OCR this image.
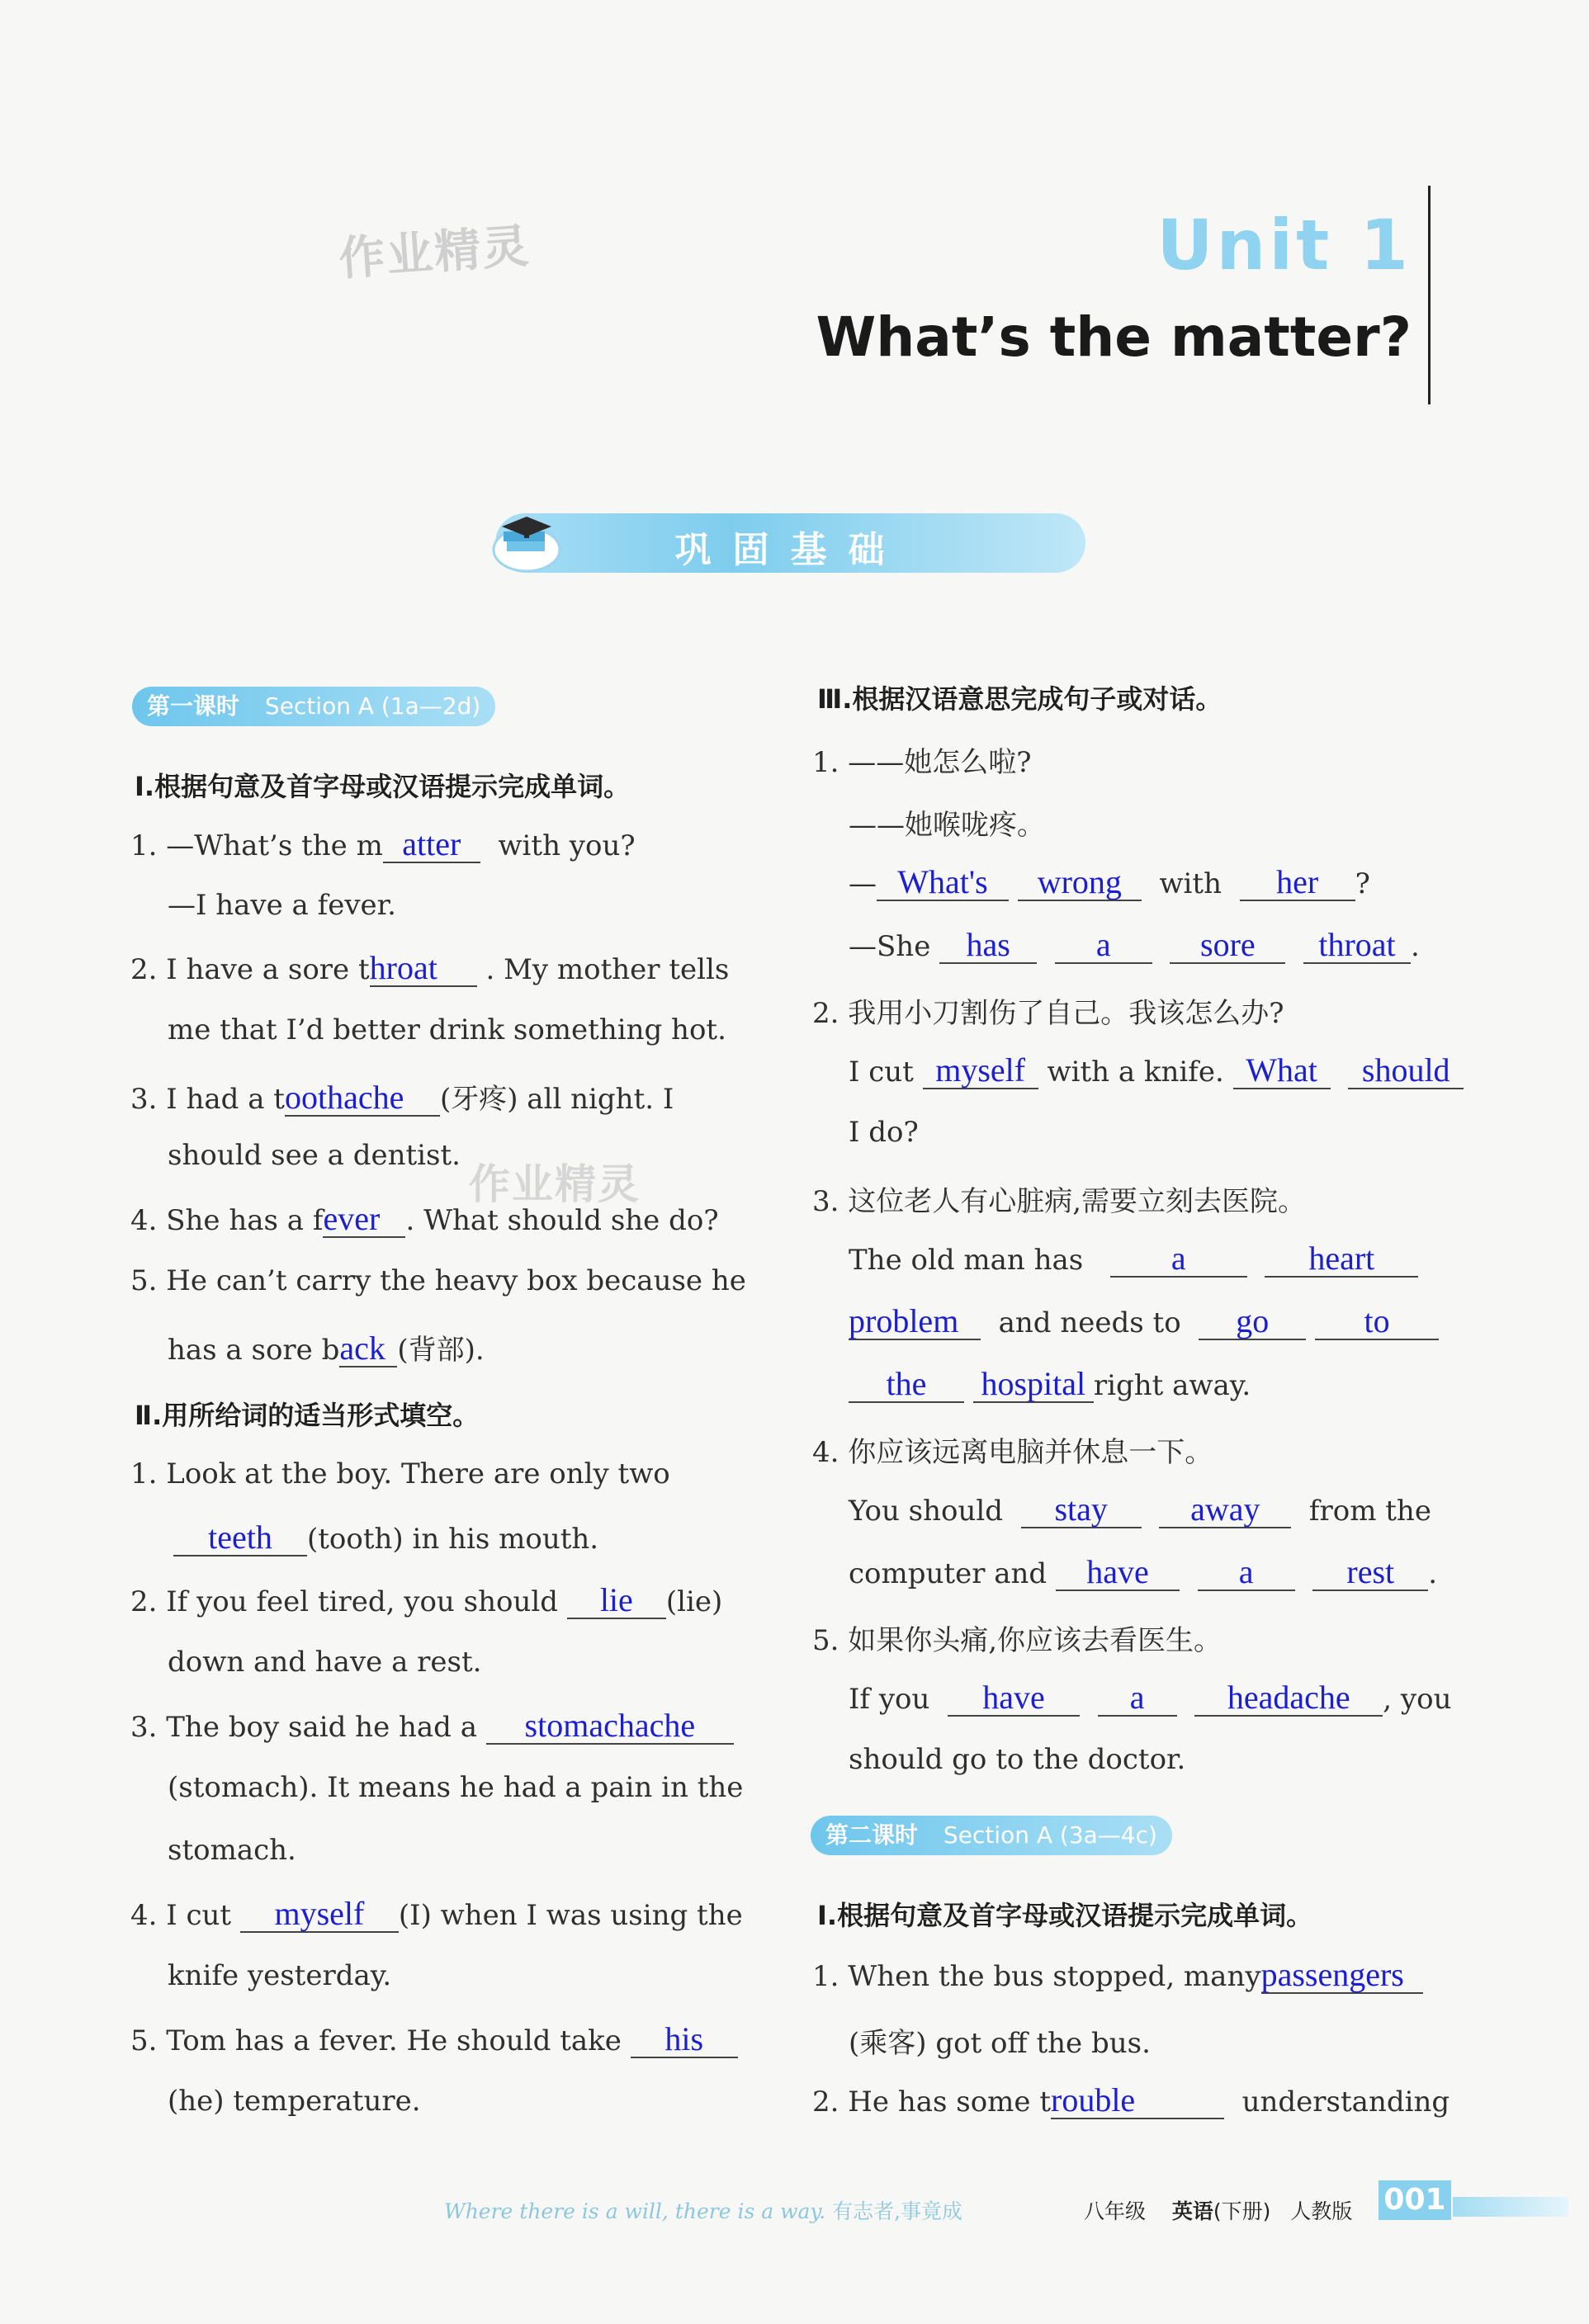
作业精灵	Unit 1
What’s the matter?
巩固基础
第一课时 Section A (1a—2d)
Ⅰ.根据句意及首字母或汉语提示完成单词。
1. —What’s the m atter with you?
—I have a fever.
2. I have a sore throat . My mother tells
me that I’d better drink something hot.
3. I had a toothache (牙疼) all night. I
should see a dentist.
作业精灵
4. She has a fever . What should she do?
5. He can’t carry the heavy box because he
has a sore back (背部).
Ⅱ.用所给词的适当形式填空。
1. Look at the boy. There are only two
teeth (tooth) in his mouth.
2. If you feel tired, you should lie (lie)
down and have a rest.
3. The boy said he had a stomachache
(stomach). It means he had a pain in the
stomach.
4. I cut myself (I) when I was using the
knife yesterday.
5. Tom has a fever. He should take his
(he) temperature.
Ⅲ.根据汉语意思完成句子或对话。
1. ——她怎么啦?
——她喉咙疼。
— What's wrong with her ?
—She has	a	sore throat .
2. 我用小刀割伤了自己。我该怎么办?
I cut myself with a knife. What should
I do?
3. 这位老人有心脏病,需要立刻去医院。
The old man has	a	heart
problem and needs to go	to
the hospital right away.
4. 你应该远离电脑并休息一下。
You should stay	away from the
computer and have	a	rest .
5. 如果你头痛,你应该去看医生。
If you have	a	headache , you
should go to the doctor.
第二课时 Section A (3a—4c)
Ⅰ.根据句意及首字母或汉语提示完成单词。
1. When the bus stopped, manypassengers
(乘客) got off the bus.
2. He has some trouble	understanding
Where there is a will, there is a way. 有志者,事竟成	八年级 英语(下册) 人教版 001
